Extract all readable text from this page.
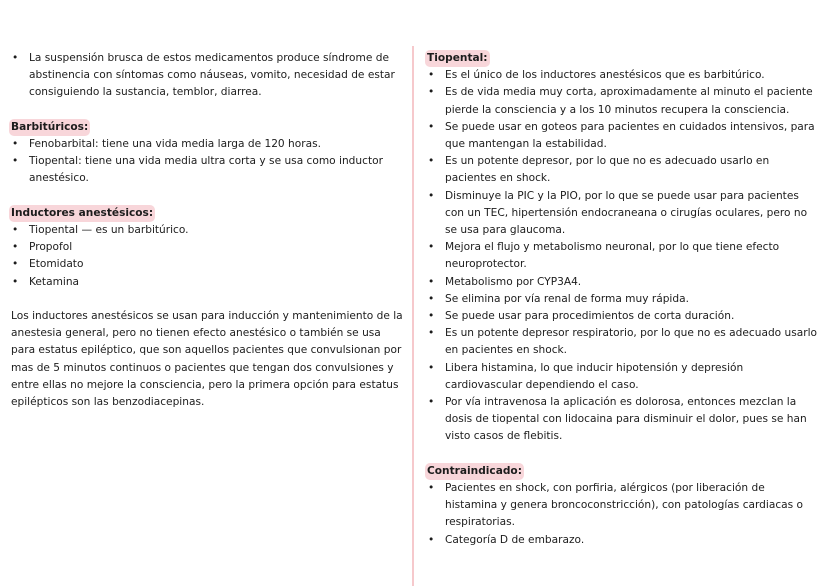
• La suspensión brusca de estos medicamentos produce síndrome de abstinencia con síntomas como náuseas, vomito, necesidad de estar consiguiendo la sustancia, temblor, diarrea.
Barbitúricos:
• Fenobarbital: tiene una vida media larga de 120 horas.
• Tiopental: tiene una vida media ultra corta y se usa como inductor anestésico.
Inductores anestésicos:
• Tiopental — es un barbitúrico.
• Propofol
• Etomidato
• Ketamina

Los inductores anestésicos se usan para inducción y mantenimiento de la anestesia general, pero no tienen efecto anestésico o también se usa para estatus epiléptico, que son aquellos pacientes que convulsionan por mas de 5 minutos continuos o pacientes que tengan dos convulsiones y entre ellas no mejore la consciencia, pero la primera opción para estatus epilépticos son las benzodiacepinas.

Tiopental:
• Es el único de los inductores anestésicos que es barbitúrico.
• Es de vida media muy corta, aproximadamente al minuto el paciente pierde la consciencia y a los 10 minutos recupera la consciencia.
• Se puede usar en goteos para pacientes en cuidados intensivos, para que mantengan la estabilidad.
• Es un potente depresor, por lo que no es adecuado usarlo en pacientes en shock.
• Disminuye la PIC y la PIO, por lo que se puede usar para pacientes con un TEC, hipertensión endocraneana o cirugías oculares, pero no se usa para glaucoma.
• Mejora el flujo y metabolismo neuronal, por lo que tiene efecto neuroprotector.
• Metabolismo por CYP3A4.
• Se elimina por vía renal de forma muy rápida.
• Se puede usar para procedimientos de corta duración.
• Es un potente depresor respiratorio, por lo que no es adecuado usarlo en pacientes en shock.
• Libera histamina, lo que inducir hipotensión y depresión cardiovascular dependiendo el caso.
• Por vía intravenosa la aplicación es dolorosa, entonces mezclan la dosis de tiopental con lidocaina para disminuir el dolor, pues se han visto casos de flebitis.
Contraindicado:
• Pacientes en shock, con porfiria, alérgicos (por liberación de histamina y genera broncoconstricción), con patologías cardiacas o respiratorias.
• Categoría D de embarazo.
